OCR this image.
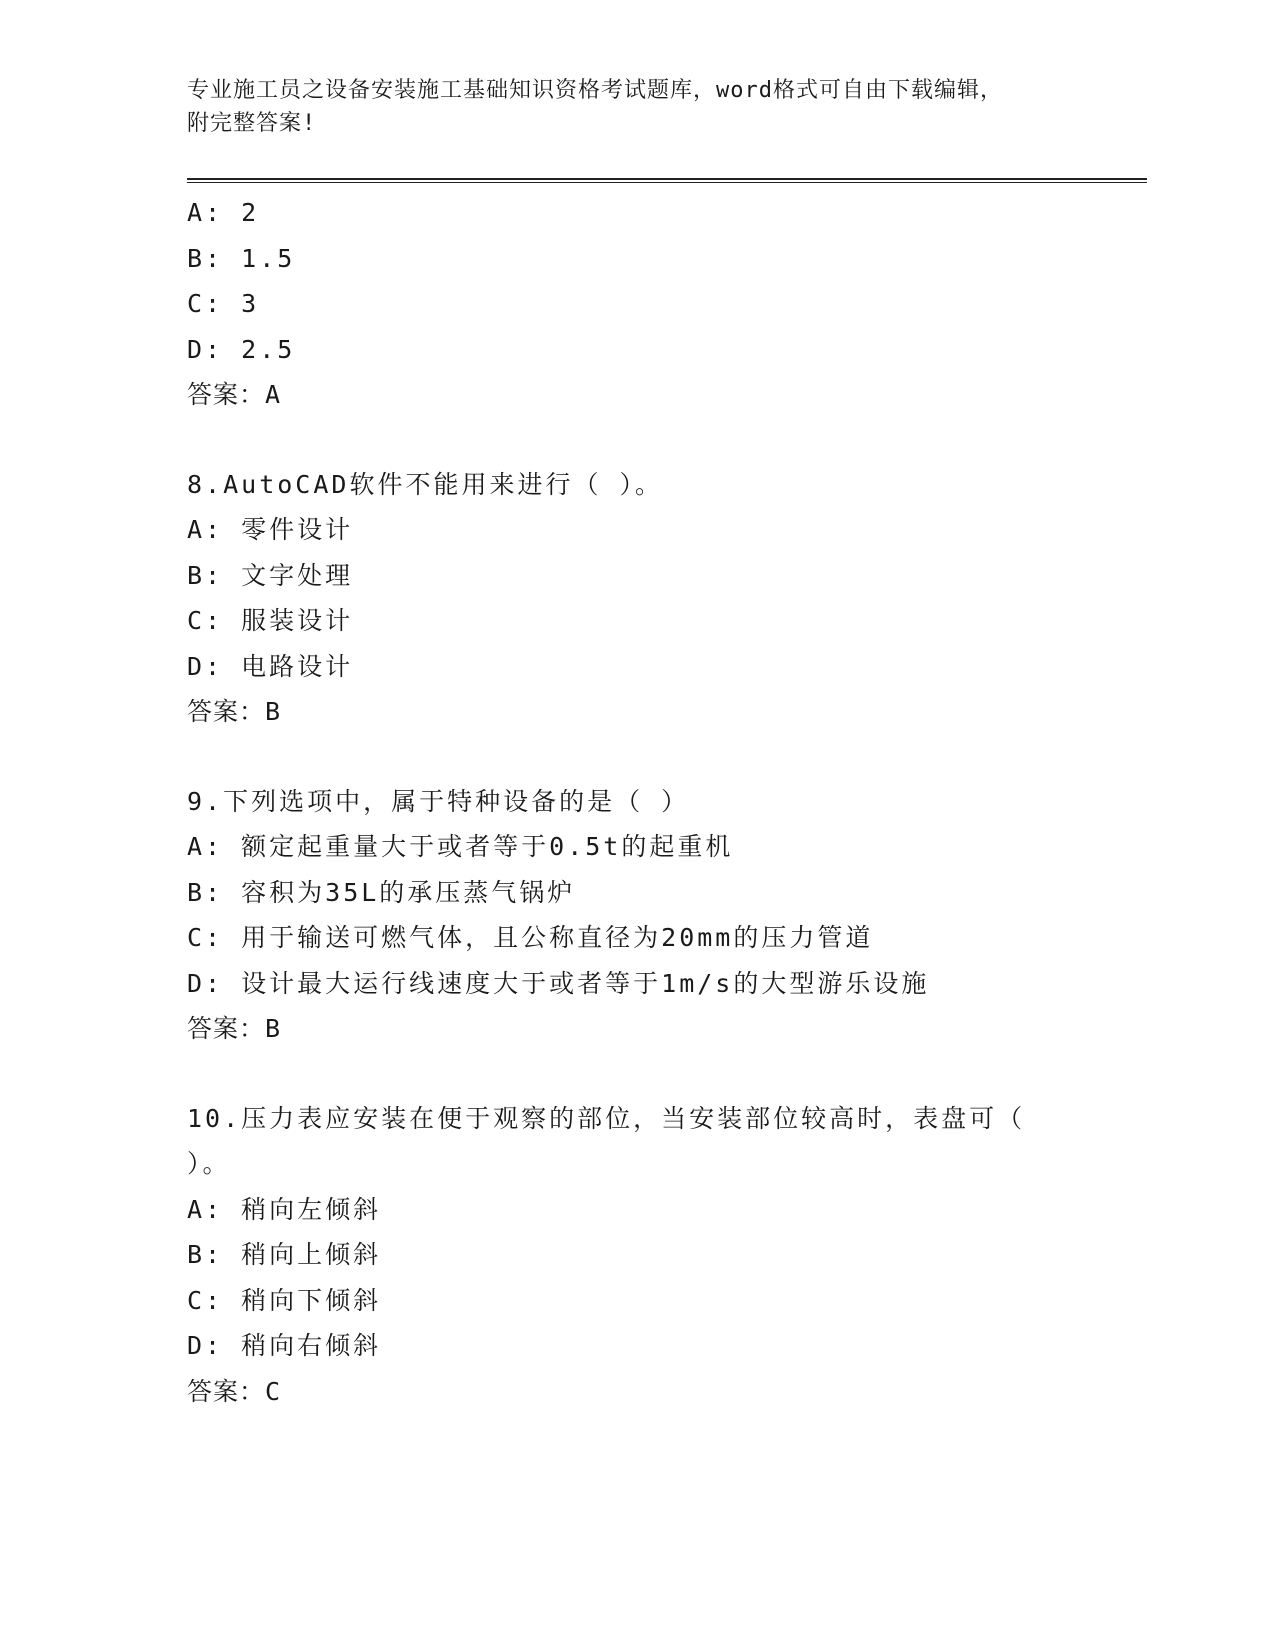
专业施工员之设备安装施工基础知识资格考试题库，word格式可自由下载编辑，
附完整答案!
A: 2
B: 1.5
C: 3
D: 2.5
答案：A
8.AutoCAD软件不能用来进行（ ）。
A: 零件设计
B: 文字处理
C: 服装设计
D: 电路设计
答案：B
9.下列选项中，属于特种设备的是（ ）
A: 额定起重量大于或者等于0.5t的起重机
B: 容积为35L的承压蒸气锅炉
C: 用于输送可燃气体，且公称直径为20mm的压力管道
D: 设计最大运行线速度大于或者等于1m/s的大型游乐设施
答案：B
10.压力表应安装在便于观察的部位，当安装部位较高时，表盘可（
）。
A: 稍向左倾斜
B: 稍向上倾斜
C: 稍向下倾斜
D: 稍向右倾斜
答案：C
